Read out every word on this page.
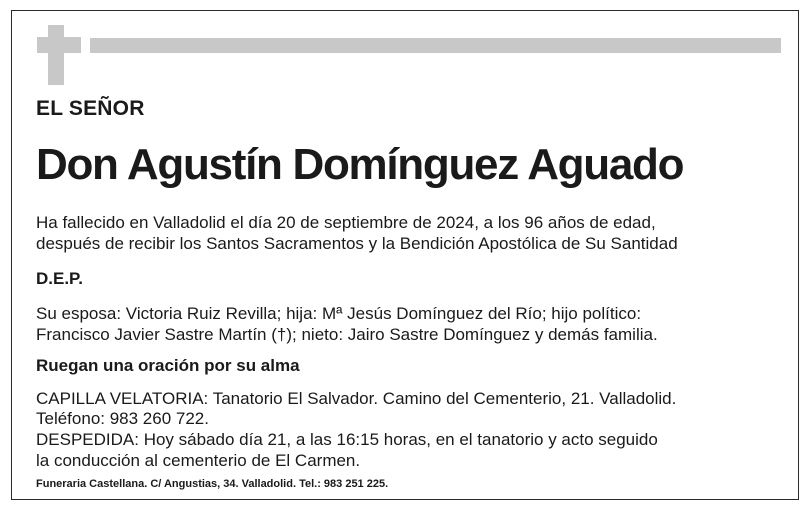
EL SEÑOR
Don Agustín Domínguez Aguado
Ha fallecido en Valladolid el día 20 de septiembre de 2024, a los 96 años de edad,
después de recibir los Santos Sacramentos y la Bendición Apostólica de Su Santidad
D.E.P.
Su esposa: Victoria Ruiz Revilla; hija: Mª Jesús Domínguez del Río; hijo político:
Francisco Javier Sastre Martín (†); nieto: Jairo Sastre Domínguez y demás familia.
Ruegan una oración por su alma
CAPILLA VELATORIA: Tanatorio El Salvador. Camino del Cementerio, 21. Valladolid.
Teléfono: 983 260 722.
DESPEDIDA: Hoy sábado día 21, a las 16:15 horas, en el tanatorio y acto seguido
la conducción al cementerio de El Carmen.
Funeraria Castellana. C/ Angustias, 34. Valladolid. Tel.: 983 251 225.
